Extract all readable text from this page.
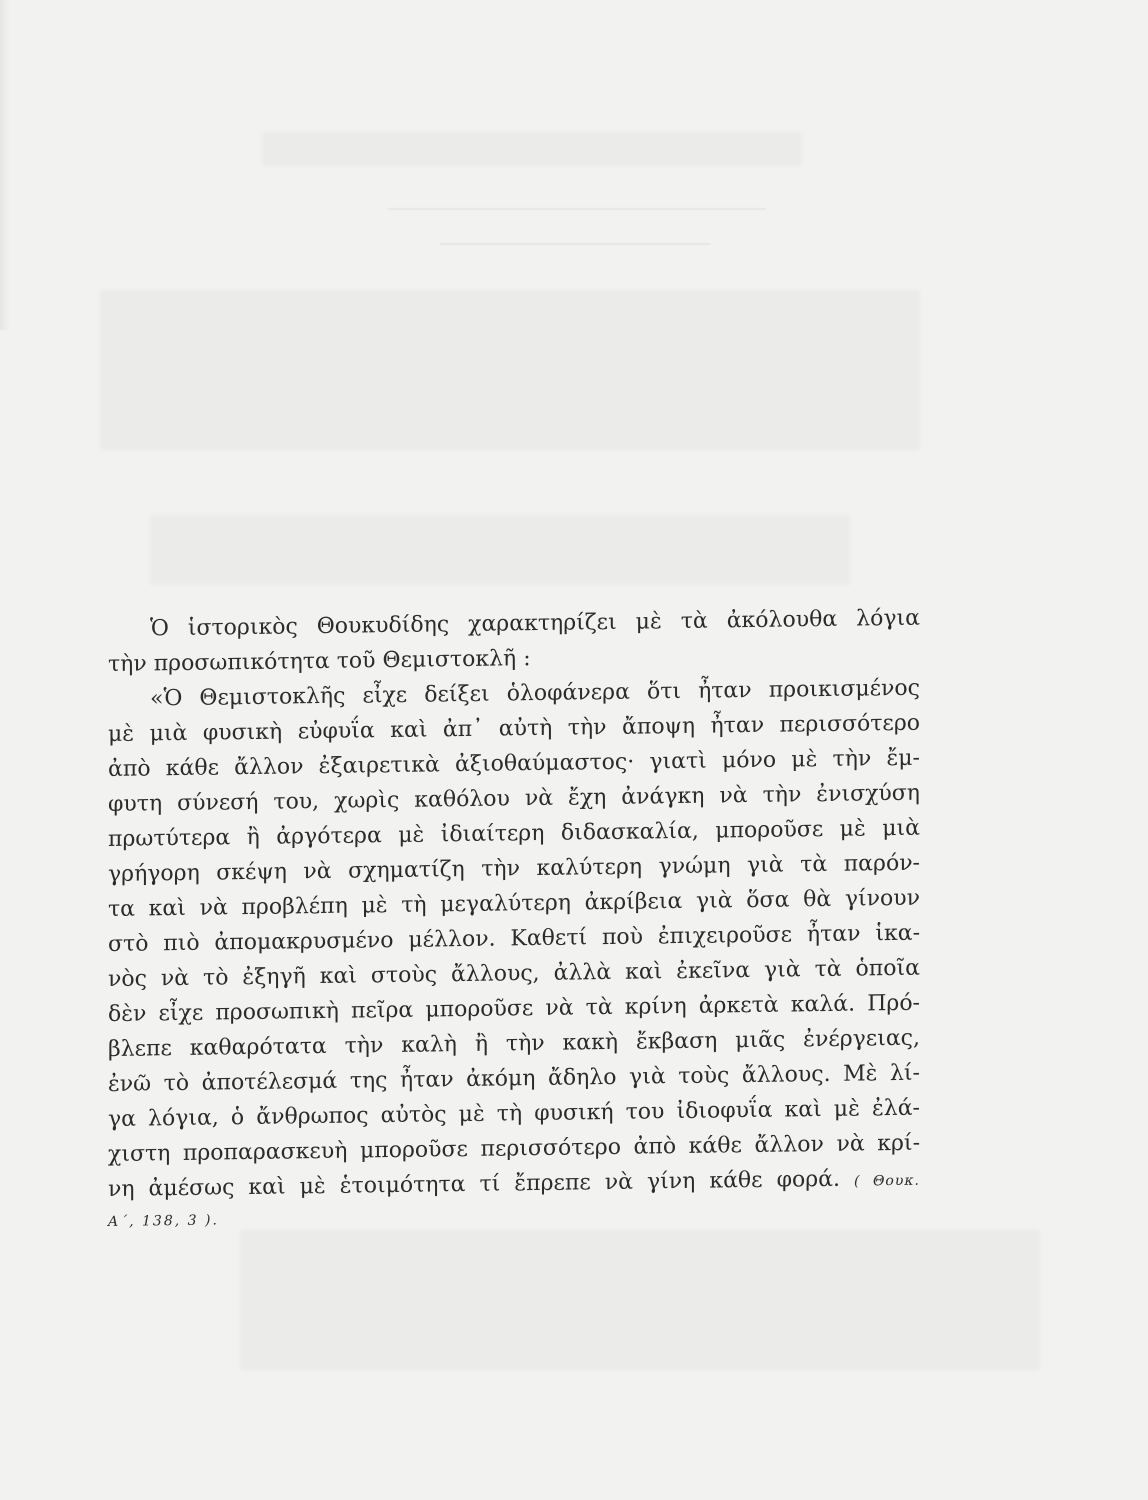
Ὁ ἱστορικὸς Θουκυδίδης χαρακτηρίζει μὲ τὰ ἀκόλουθα λόγια
τὴν προσωπικότητα τοῦ Θεμιστοκλῆ :
«Ὁ Θεμιστοκλῆς εἶχε δείξει ὁλοφάνερα ὅτι ἦταν προικισμένος
μὲ μιὰ φυσικὴ εὐφυΐα καὶ ἀπ᾽ αὐτὴ τὴν ἄποψη ἦταν περισσότερο
ἀπὸ κάθε ἄλλον ἐξαιρετικὰ ἀξιοθαύμαστος· γιατὶ μόνο μὲ τὴν ἔμ-
φυτη σύνεσή του, χωρὶς καθόλου νὰ ἔχη ἀνάγκη νὰ τὴν ἐνισχύση
πρωτύτερα ἢ ἀργότερα μὲ ἰδιαίτερη διδασκαλία, μποροῦσε μὲ μιὰ
γρήγορη σκέψη νὰ σχηματίζη τὴν καλύτερη γνώμη γιὰ τὰ παρόν-
τα καὶ νὰ προβλέπη μὲ τὴ μεγαλύτερη ἀκρίβεια γιὰ ὅσα θὰ γίνουν
στὸ πιὸ ἀπομακρυσμένο μέλλον. Καθετί ποὺ ἐπιχειροῦσε ἦταν ἱκα-
νὸς νὰ τὸ ἐξηγῆ καὶ στοὺς ἄλλους, ἀλλὰ καὶ ἐκεῖνα γιὰ τὰ ὁποῖα
δὲν εἶχε προσωπικὴ πεῖρα μποροῦσε νὰ τὰ κρίνη ἀρκετὰ καλά. Πρό-
βλεπε καθαρότατα τὴν καλὴ ἢ τὴν κακὴ ἔκβαση μιᾶς ἐνέργειας,
ἐνῶ τὸ ἀποτέλεσμά της ἦταν ἀκόμη ἄδηλο γιὰ τοὺς ἄλλους. Μὲ λί-
γα λόγια, ὁ ἄνθρωπος αὐτὸς μὲ τὴ φυσική του ἰδιοφυΐα καὶ μὲ ἐλά-
χιστη προπαρασκευὴ μποροῦσε περισσότερο ἀπὸ κάθε ἄλλον νὰ κρί-
νη ἀμέσως καὶ μὲ ἑτοιμότητα τί ἔπρεπε νὰ γίνη κάθε φορά. ( Θουκ.
Α΄, 138, 3 ).
